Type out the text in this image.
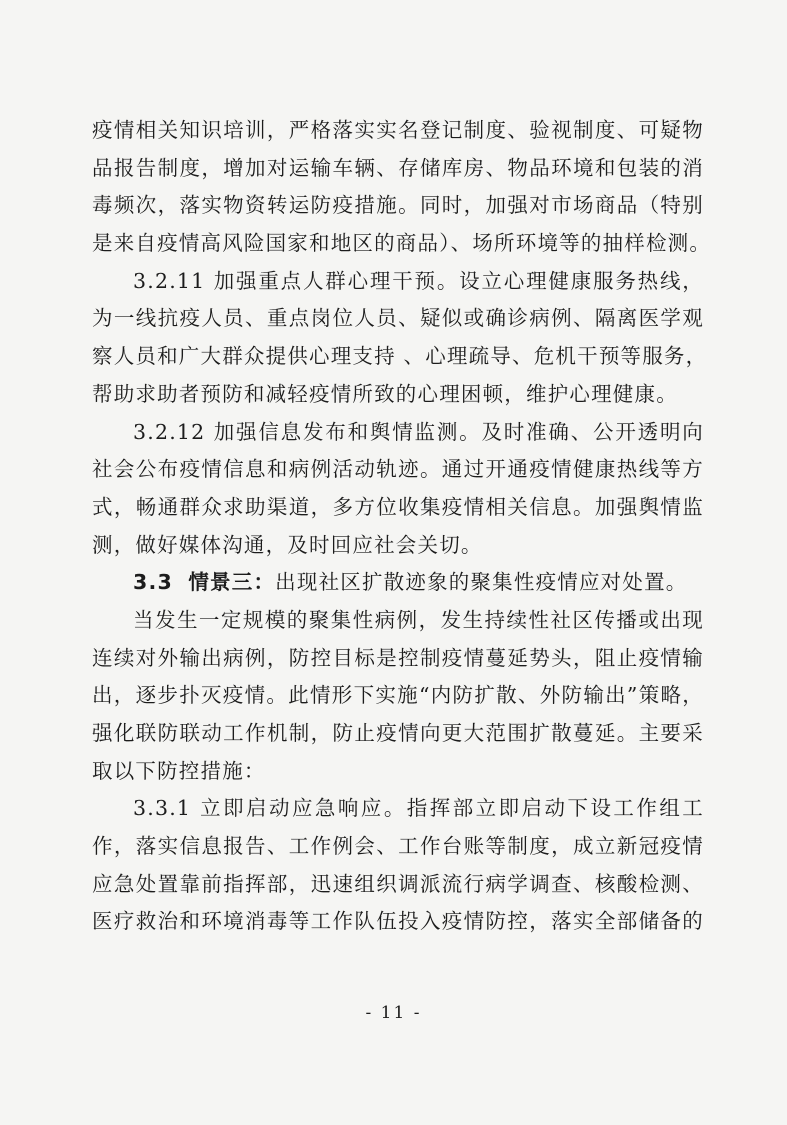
疫情相关知识培训，严格落实实名登记制度、验视制度、可疑物
品报告制度，增加对运输车辆、存储库房、物品环境和包装的消
毒频次，落实物资转运防疫措施。同时，加强对市场商品（特别
是来自疫情高风险国家和地区的商品）、场所环境等的抽样检测。
3.2.11 加强重点人群心理干预。设立心理健康服务热线，
为一线抗疫人员、重点岗位人员、疑似或确诊病例、隔离医学观
察人员和广大群众提供心理支持 、心理疏导、危机干预等服务，
帮助求助者预防和减轻疫情所致的心理困顿，维护心理健康。
3.2.12 加强信息发布和舆情监测。及时准确、公开透明向
社会公布疫情信息和病例活动轨迹。通过开通疫情健康热线等方
式，畅通群众求助渠道，多方位收集疫情相关信息。加强舆情监
测，做好媒体沟通，及时回应社会关切。
3.3 情景三：出现社区扩散迹象的聚集性疫情应对处置。
当发生一定规模的聚集性病例，发生持续性社区传播或出现
连续对外输出病例，防控目标是控制疫情蔓延势头，阻止疫情输
出，逐步扑灭疫情。此情形下实施“内防扩散、外防输出”策略，
强化联防联动工作机制，防止疫情向更大范围扩散蔓延。主要采
取以下防控措施：
3.3.1 立即启动应急响应。指挥部立即启动下设工作组工
作，落实信息报告、工作例会、工作台账等制度，成立新冠疫情
应急处置靠前指挥部，迅速组织调派流行病学调查、核酸检测、
医疗救治和环境消毒等工作队伍投入疫情防控，落实全部储备的
- 11 -
